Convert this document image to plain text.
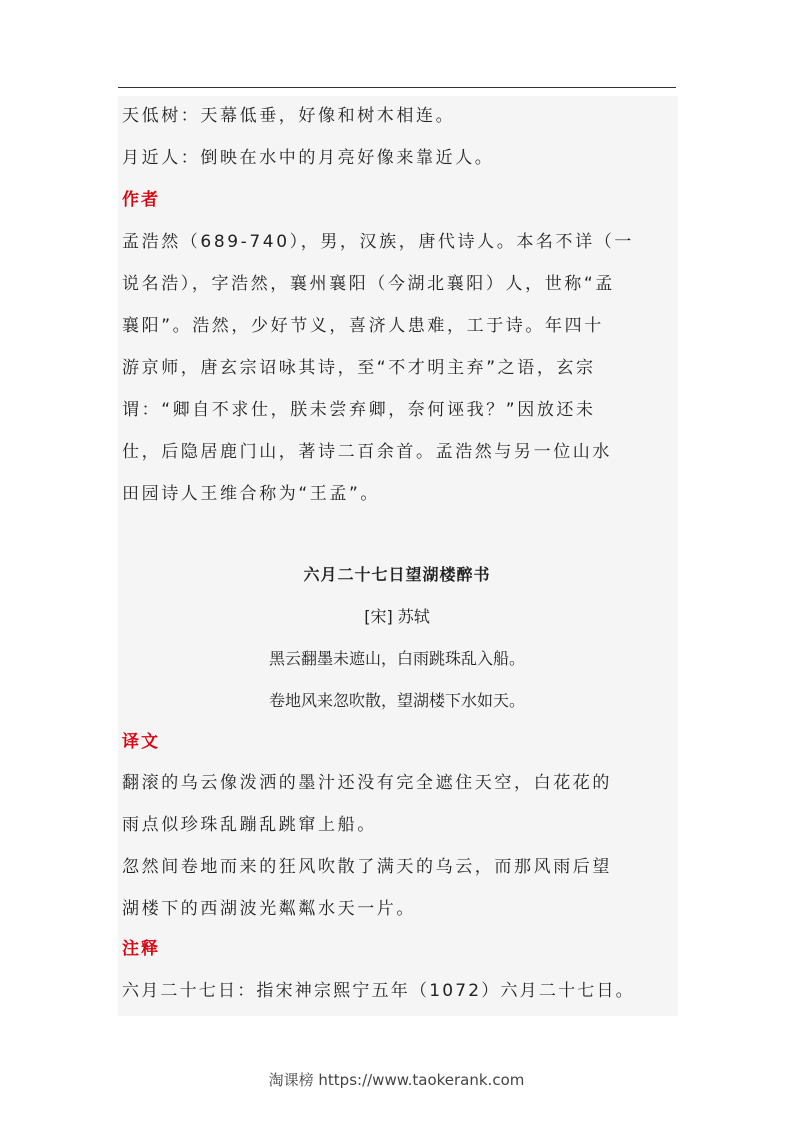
天低树：天幕低垂，好像和树木相连。
月近人：倒映在水中的月亮好像来靠近人。
作者
孟浩然（689-740），男，汉族，唐代诗人。本名不详（一
说名浩），字浩然，襄州襄阳（今湖北襄阳）人，世称“孟
襄阳”。浩然，少好节义，喜济人患难，工于诗。年四十
游京师，唐玄宗诏咏其诗，至“不才明主弃”之语，玄宗
谓：“卿自不求仕，朕未尝弃卿，奈何诬我？”因放还未
仕，后隐居鹿门山，著诗二百余首。孟浩然与另一位山水
田园诗人王维合称为“王孟”。
六月二十七日望湖楼醉书
[宋] 苏轼
黑云翻墨未遮山，白雨跳珠乱入船。
卷地风来忽吹散，望湖楼下水如天。
译文
翻滚的乌云像泼洒的墨汁还没有完全遮住天空，白花花的
雨点似珍珠乱蹦乱跳窜上船。
忽然间卷地而来的狂风吹散了满天的乌云，而那风雨后望
湖楼下的西湖波光粼粼水天一片。
注释
六月二十七日：指宋神宗熙宁五年（1072）六月二十七日。
淘课榜 https://www.taokerank.com
